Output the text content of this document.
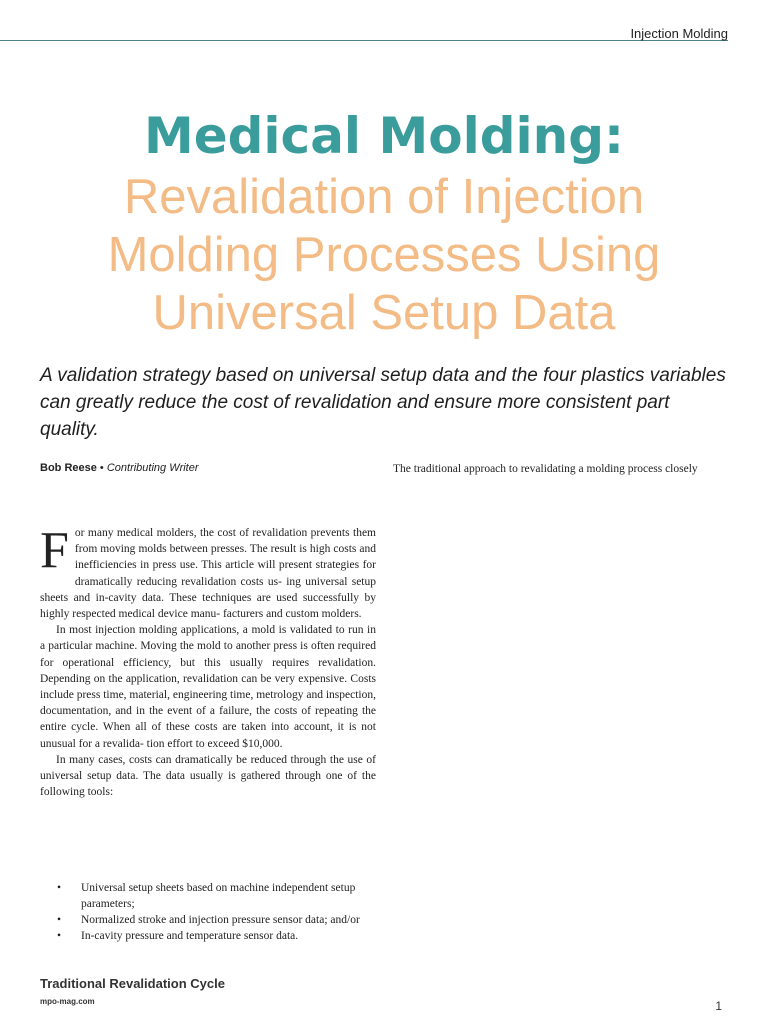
Injection Molding
Medical Molding:
Revalidation of Injection
Molding Processes Using
Universal Setup Data
A validation strategy based on universal setup data and the four plastics variables can greatly reduce the cost of revalidation and ensure more consistent part quality.
Bob Reese • Contributing Writer	The traditional approach to revalidating a molding process closely

For many medical molders, the cost of revalidation prevents them from moving molds between presses. The result is high costs and inefficiencies in press use. This article will present strategies for dramatically reducing revalidation costs us- ing universal setup sheets and in-cavity data. These techniques are used successfully by highly respected medical device manu- facturers and custom molders.

In most injection molding applications, a mold is validated to run in a particular machine. Moving the mold to another press is often required for operational efficiency, but this usually requires revalidation. Depending on the application, revalidation can be very expensive. Costs include press time, material, engineering time, metrology and inspection, documentation, and in the event of a failure, the costs of repeating the entire cycle. When all of these costs are taken into account, it is not unusual for a revalida- tion effort to exceed $10,000.

In many cases, costs can dramatically be reduced through the use of universal setup data. The data usually is gathered through one of the following tools:

• Universal setup sheets based on machine independent setup parameters;
• Normalized stroke and injection pressure sensor data; and/or
• In-cavity pressure and temperature sensor data.
Traditional Revalidation Cycle
mpo-mag.com	1
